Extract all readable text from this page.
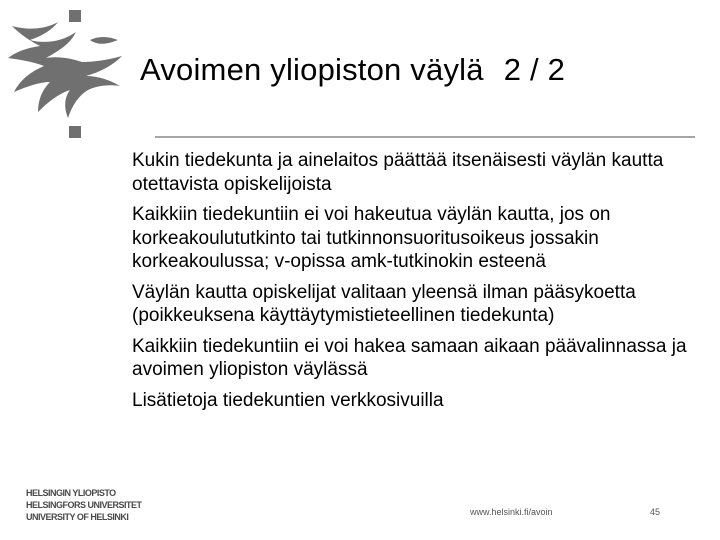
Avoimen yliopiston väylä 2 / 2
Kukin tiedekunta ja ainelaitos päättää itsenäisesti väylän kautta otettavista opiskelijoista
Kaikkiin tiedekuntiin ei voi hakeutua väylän kautta, jos on korkeakoulututkinto tai tutkinnonsuoritusoikeus jossakin korkeakoulussa; v-opissa amk-tutkinokin esteenä
Väylän kautta opiskelijat valitaan yleensä ilman pääsykoetta (poikkeuksena käyttäytymistieteellinen tiedekunta)
Kaikkiin tiedekuntiin ei voi hakea samaan aikaan päävalinnassa ja avoimen yliopiston väylässä
Lisätietoja tiedekuntien verkkosivuilla
HELSINGIN YLIOPISTO
HELSINGFORS UNIVERSITET
UNIVERSITY OF HELSINKI	www.helsinki.fi/avoin	45
